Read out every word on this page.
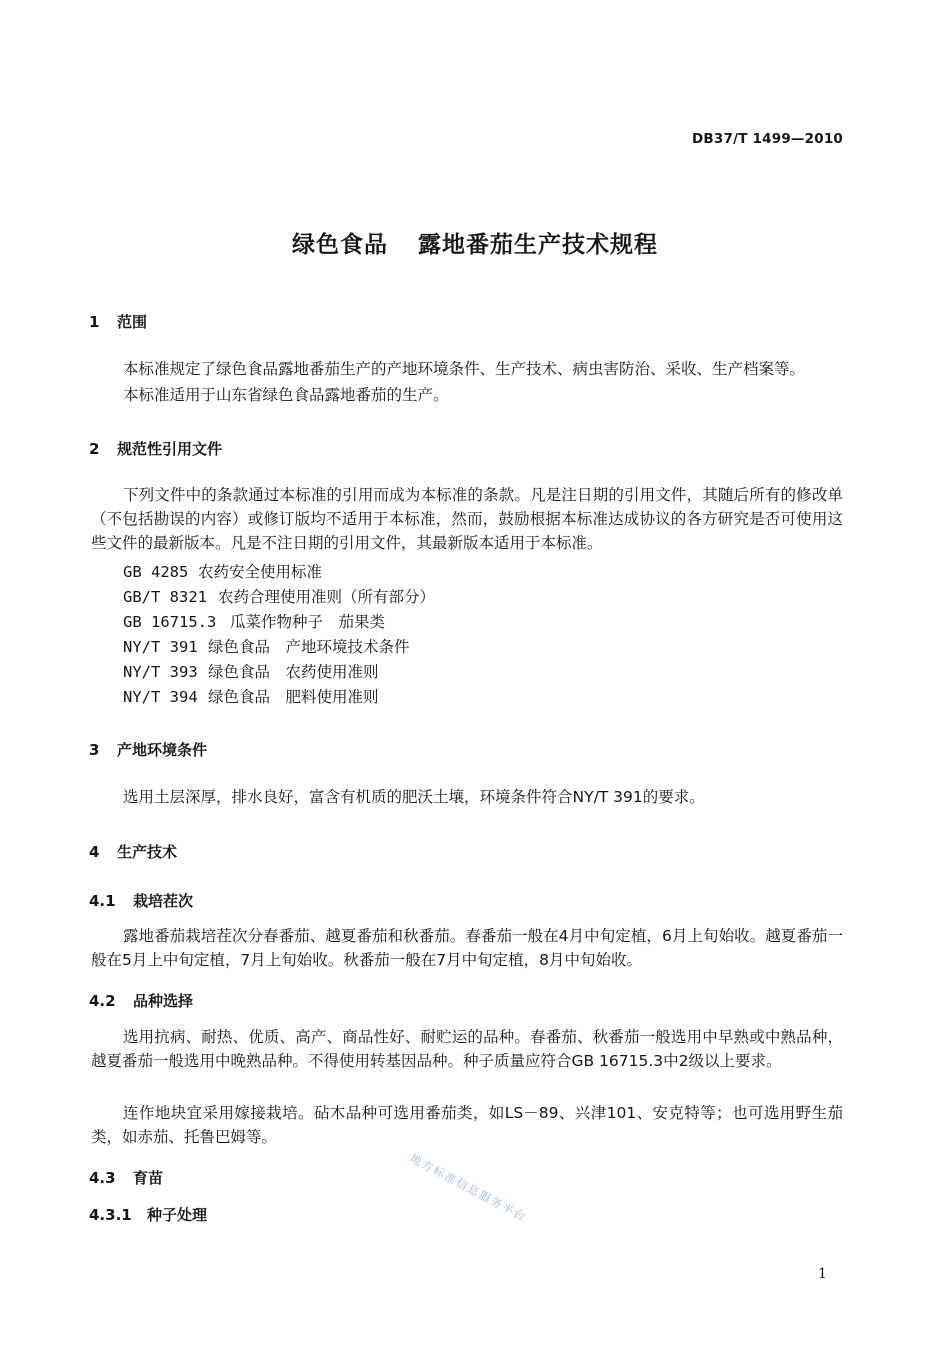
DB37/T 1499—2010
绿色食品 露地番茄生产技术规程
1 范围
本标准规定了绿色食品露地番茄生产的产地环境条件、生产技术、病虫害防治、采收、生产档案等。
本标准适用于山东省绿色食品露地番茄的生产。
2 规范性引用文件
下列文件中的条款通过本标准的引用而成为本标准的条款。凡是注日期的引用文件，其随后所有的修改单（不包括勘误的内容）或修订版均不适用于本标准，然而，鼓励根据本标准达成协议的各方研究是否可使用这些文件的最新版本。凡是不注日期的引用文件，其最新版本适用于本标准。
GB 4285 农药安全使用标准
GB/T 8321 农药合理使用准则（所有部分）
GB 16715.3 瓜菜作物种子　茄果类
NY/T 391 绿色食品　产地环境技术条件
NY/T 393 绿色食品　农药使用准则
NY/T 394 绿色食品　肥料使用准则
3 产地环境条件
选用土层深厚，排水良好，富含有机质的肥沃土壤，环境条件符合NY/T 391的要求。
4 生产技术
4.1 栽培茬次
露地番茄栽培茬次分春番茄、越夏番茄和秋番茄。春番茄一般在4月中旬定植，6月上旬始收。越夏番茄一般在5月上中旬定植，7月上旬始收。秋番茄一般在7月中旬定植，8月中旬始收。
4.2 品种选择
选用抗病、耐热、优质、高产、商品性好、耐贮运的品种。春番茄、秋番茄一般选用中早熟或中熟品种，越夏番茄一般选用中晚熟品种。不得使用转基因品种。种子质量应符合GB 16715.3中2级以上要求。
连作地块宜采用嫁接栽培。砧木品种可选用番茄类，如LS－89、兴津101、安克特等；也可选用野生茄类，如赤茄、托鲁巴姆等。
4.3 育苗
4.3.1 种子处理	地方标准信息服务平台
1
